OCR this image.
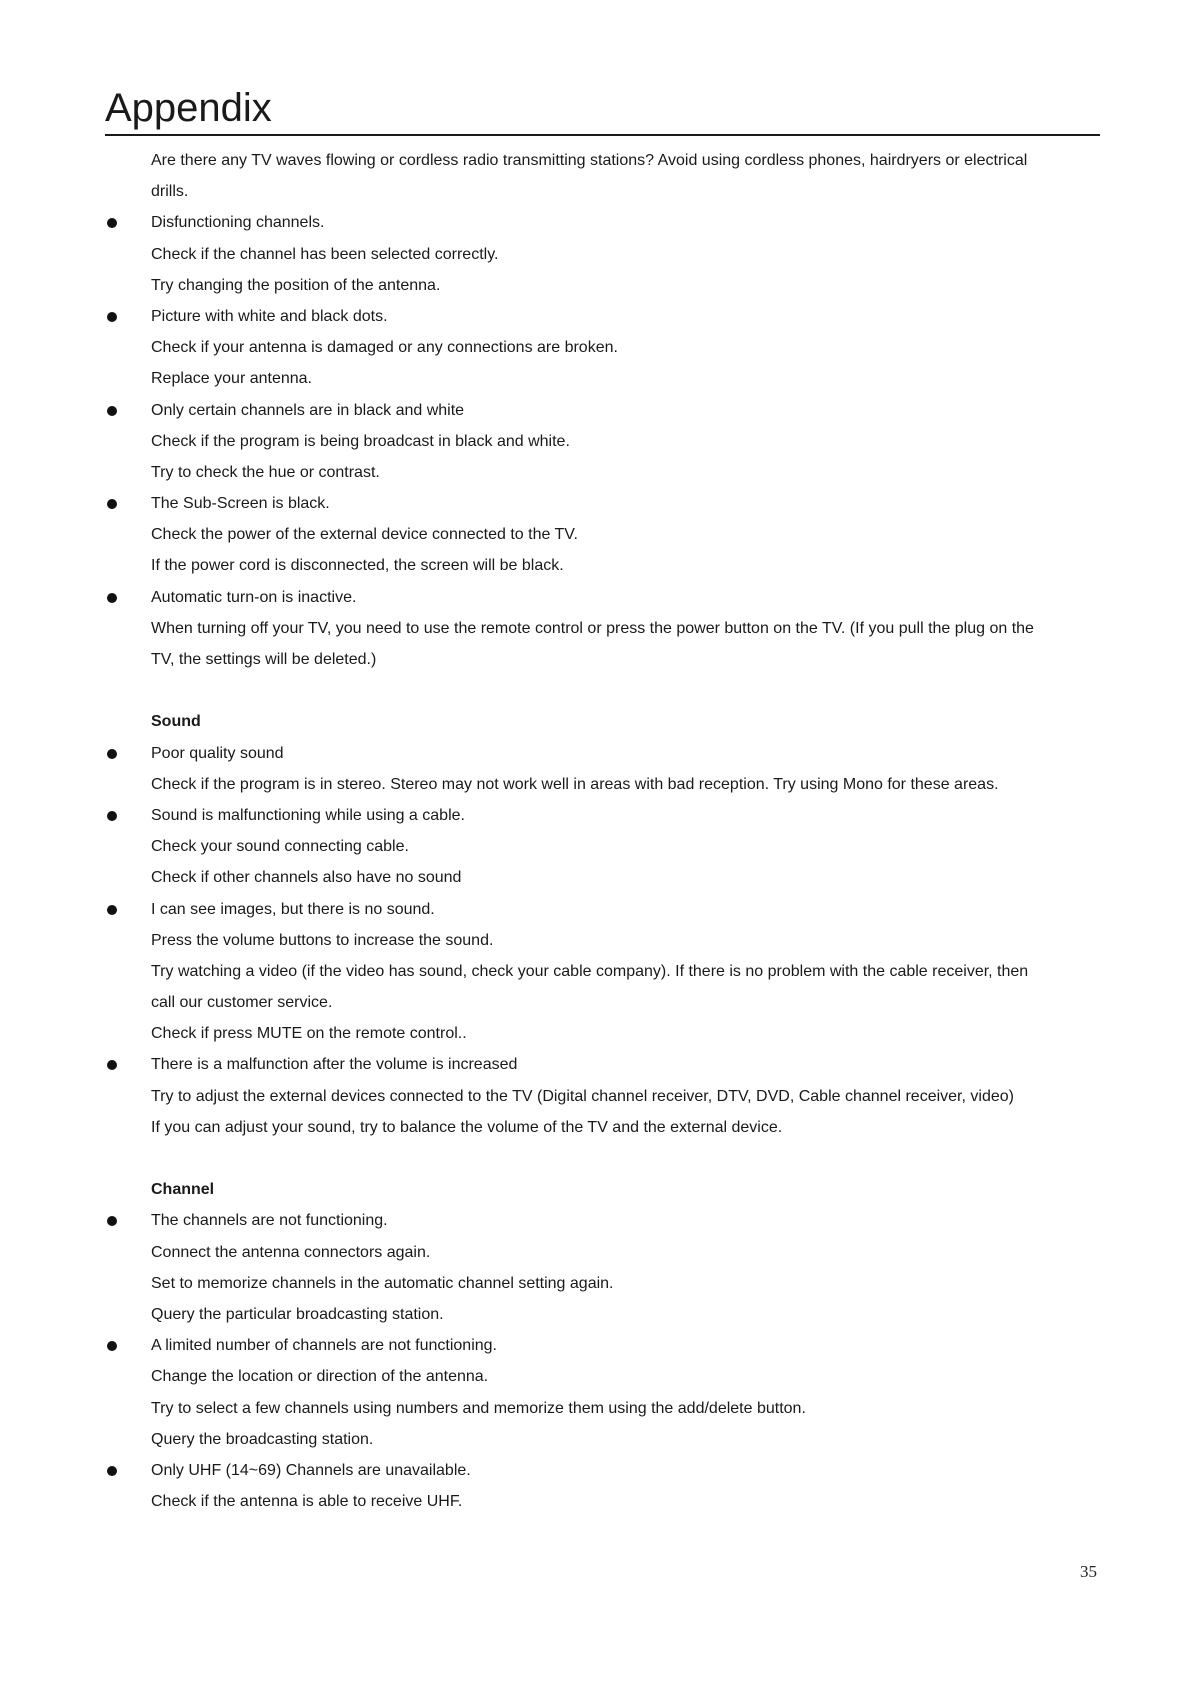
Appendix
Are there any TV waves flowing or cordless radio transmitting stations? Avoid using cordless phones, hairdryers or electrical
drills.
Disfunctioning channels.
Check if the channel has been selected correctly.
Try changing the position of the antenna.
Picture with white and black dots.
Check if your antenna is damaged or any connections are broken.
Replace your antenna.
Only certain channels are in black and white
Check if the program is being broadcast in black and white.
Try to check the hue or contrast.
The Sub-Screen is black.
Check the power of the external device connected to the TV.
If the power cord is disconnected, the screen will be black.
Automatic turn-on is inactive.
When turning off your TV, you need to use the remote control or press the power button on the TV. (If you pull the plug on the
TV, the settings will be deleted.)
Sound
Poor quality sound
Check if the program is in stereo. Stereo may not work well in areas with bad reception. Try using Mono for these areas.
Sound is malfunctioning while using a cable.
Check your sound connecting cable.
Check if other channels also have no sound
I can see images, but there is no sound.
Press the volume buttons to increase the sound.
Try watching a video (if the video has sound, check your cable company). If there is no problem with the cable receiver, then
call our customer service.
Check if press MUTE on the remote control..
There is a malfunction after the volume is increased
Try to adjust the external devices connected to the TV (Digital channel receiver, DTV, DVD, Cable channel receiver, video)
If you can adjust your sound, try to balance the volume of the TV and the external device.
Channel
The channels are not functioning.
Connect the antenna connectors again.
Set to memorize channels in the automatic channel setting again.
Query the particular broadcasting station.
A limited number of channels are not functioning.
Change the location or direction of the antenna.
Try to select a few channels using numbers and memorize them using the add/delete button.
Query the broadcasting station.
Only UHF (14~69) Channels are unavailable.
Check if the antenna is able to receive UHF.
35
